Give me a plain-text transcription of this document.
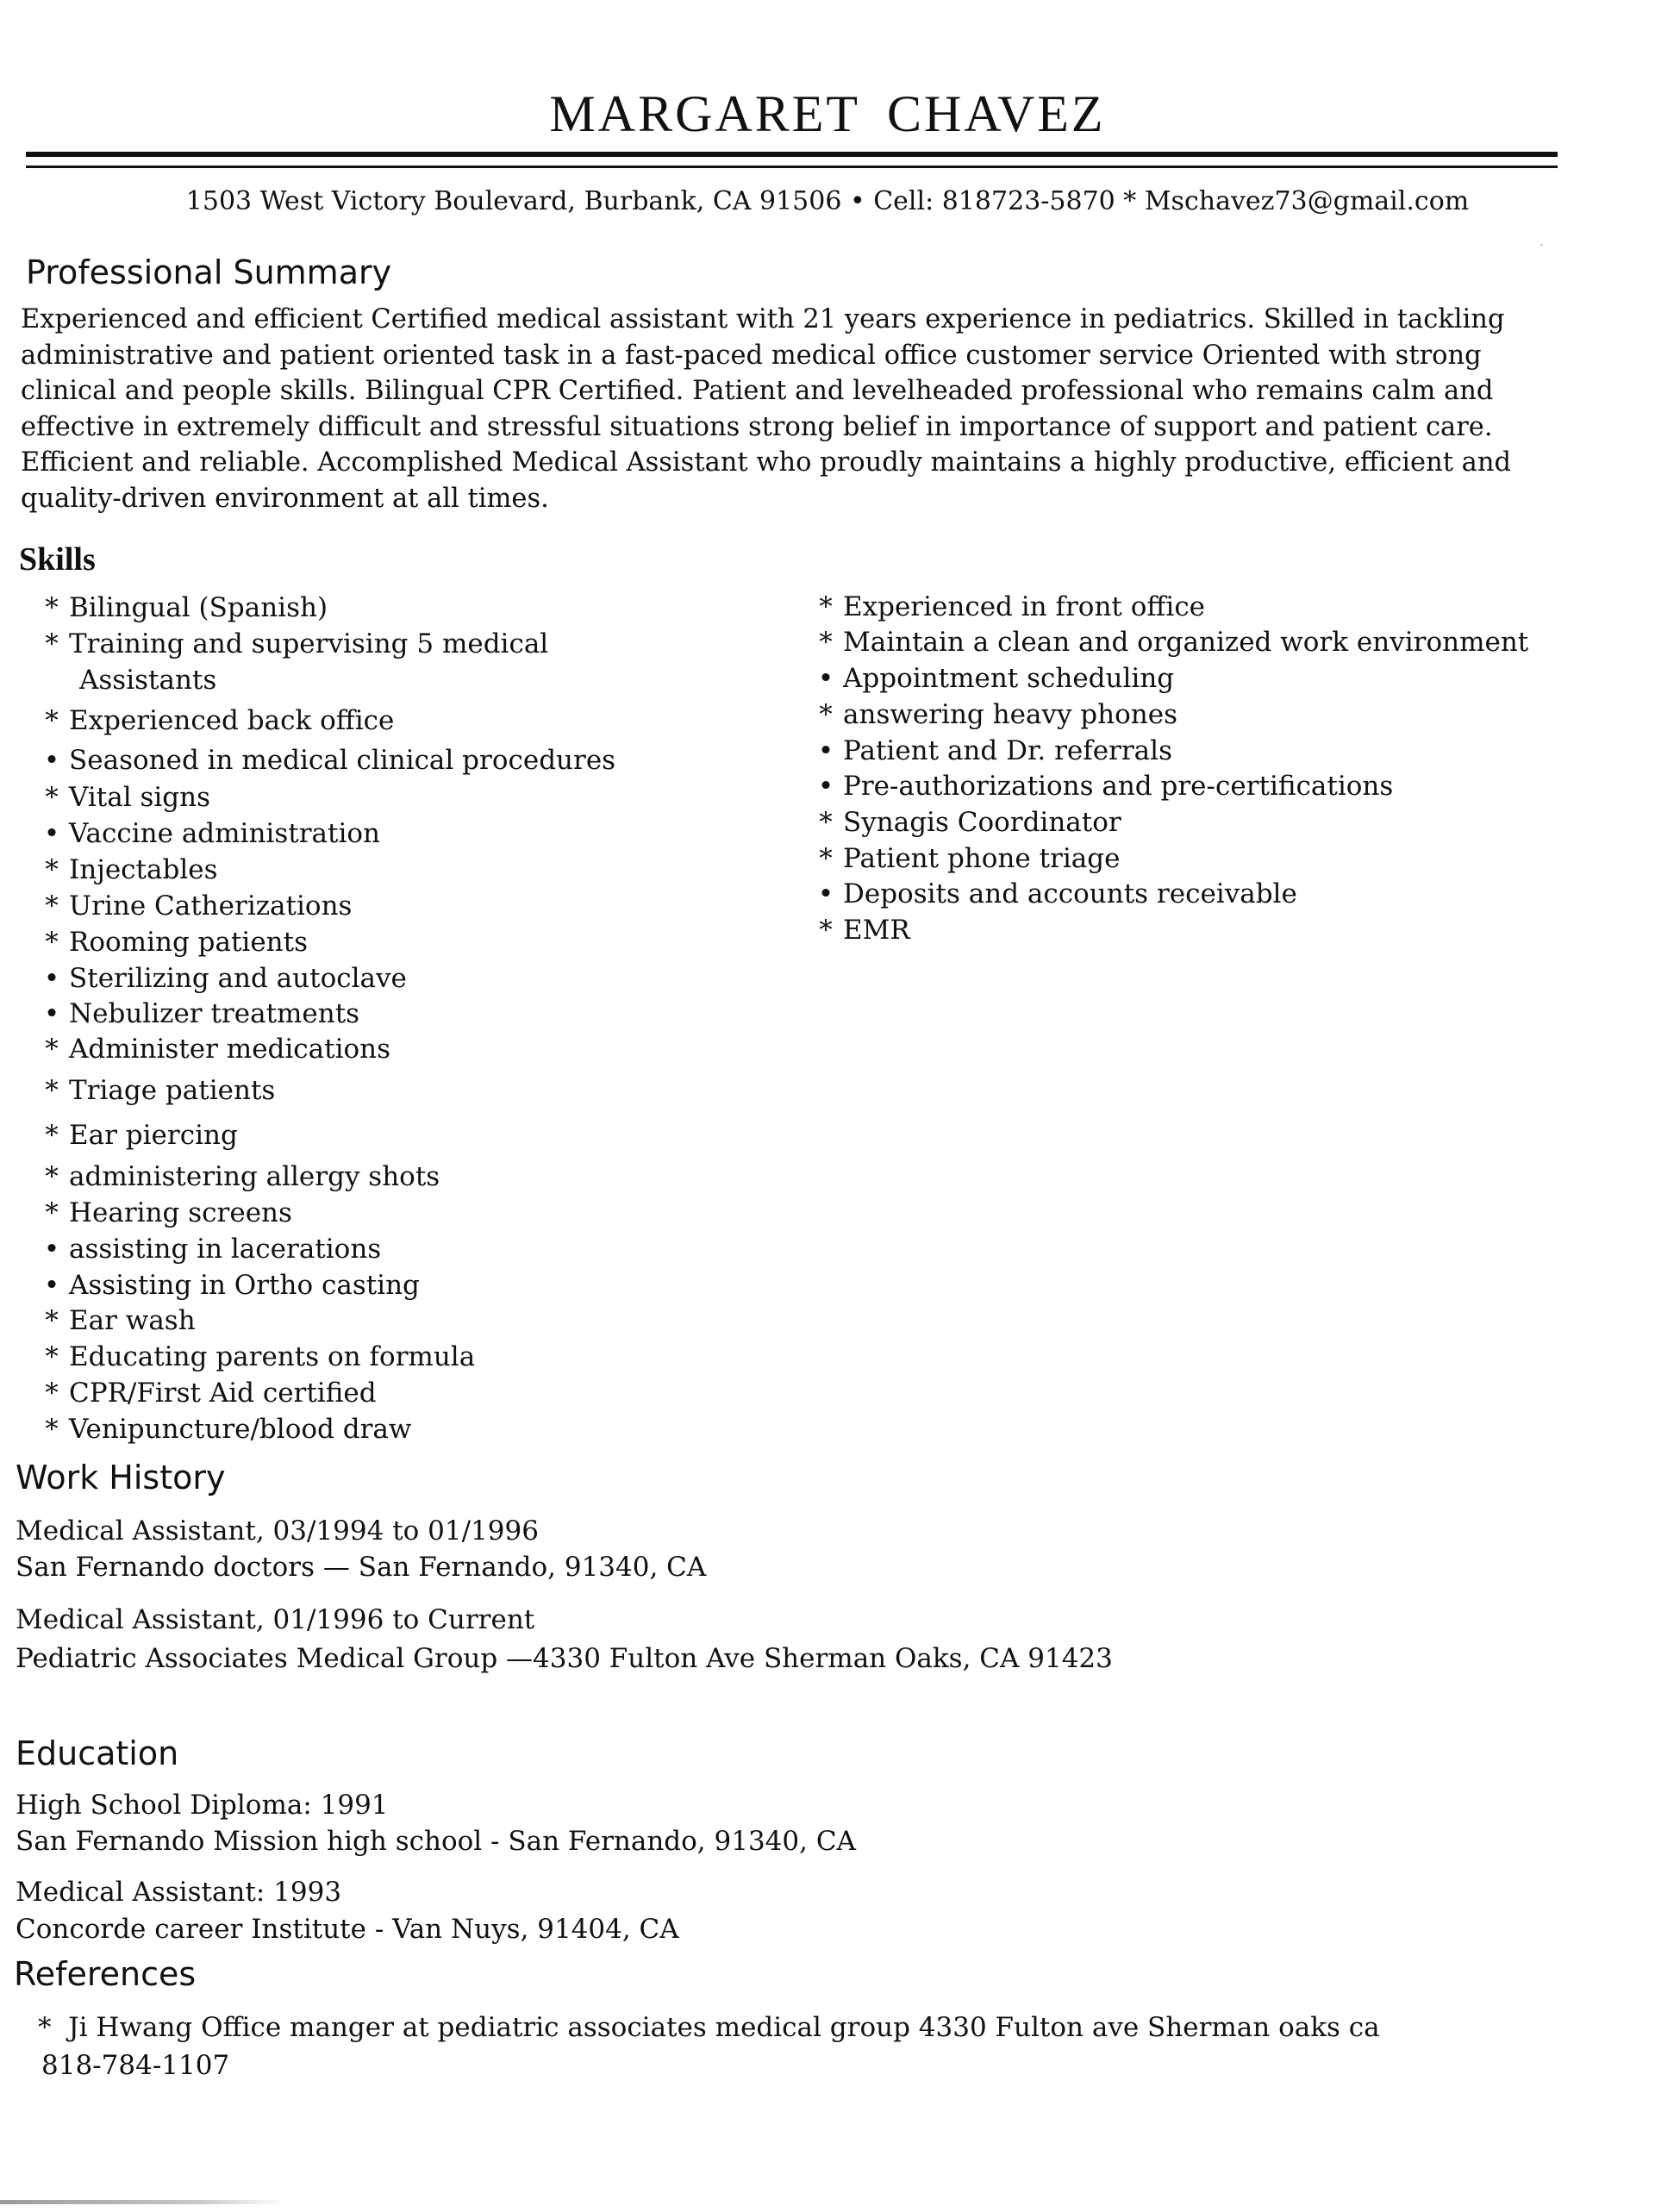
MARGARET CHAVEZ
1503 West Victory Boulevard, Burbank, CA 91506 • Cell: 818723-5870 * Mschavez73@gmail.com
Professional Summary
Experienced and efficient Certified medical assistant with 21 years experience in pediatrics. Skilled in tackling
administrative and patient oriented task in a fast-paced medical office customer service Oriented with strong
clinical and people skills. Bilingual CPR Certified. Patient and levelheaded professional who remains calm and
effective in extremely difficult and stressful situations strong belief in importance of support and patient care.
Efficient and reliable. Accomplished Medical Assistant who proudly maintains a highly productive, efficient and
quality-driven environment at all times.
Skills
* Bilingual (Spanish)
* Training and supervising 5 medical
Assistants
* Experienced back office
• Seasoned in medical clinical procedures
* Vital signs
• Vaccine administration
* Injectables
* Urine Catherizations
* Rooming patients
• Sterilizing and autoclave
• Nebulizer treatments
* Administer medications
* Triage patients
* Ear piercing
* administering allergy shots
* Hearing screens
• assisting in lacerations
• Assisting in Ortho casting
* Ear wash
* Educating parents on formula
* CPR/First Aid certified
* Venipuncture/blood draw
* Experienced in front office
* Maintain a clean and organized work environment
• Appointment scheduling
* answering heavy phones
• Patient and Dr. referrals
• Pre-authorizations and pre-certifications
* Synagis Coordinator
* Patient phone triage
• Deposits and accounts receivable
* EMR
Work History
Medical Assistant, 03/1994 to 01/1996
San Fernando doctors — San Fernando, 91340, CA
Medical Assistant, 01/1996 to Current
Pediatric Associates Medical Group —4330 Fulton Ave Sherman Oaks, CA 91423
Education
High School Diploma: 1991
San Fernando Mission high school - San Fernando, 91340, CA
Medical Assistant: 1993
Concorde career Institute - Van Nuys, 91404, CA
References
* Ji Hwang Office manger at pediatric associates medical group 4330 Fulton ave Sherman oaks ca
818-784-1107
